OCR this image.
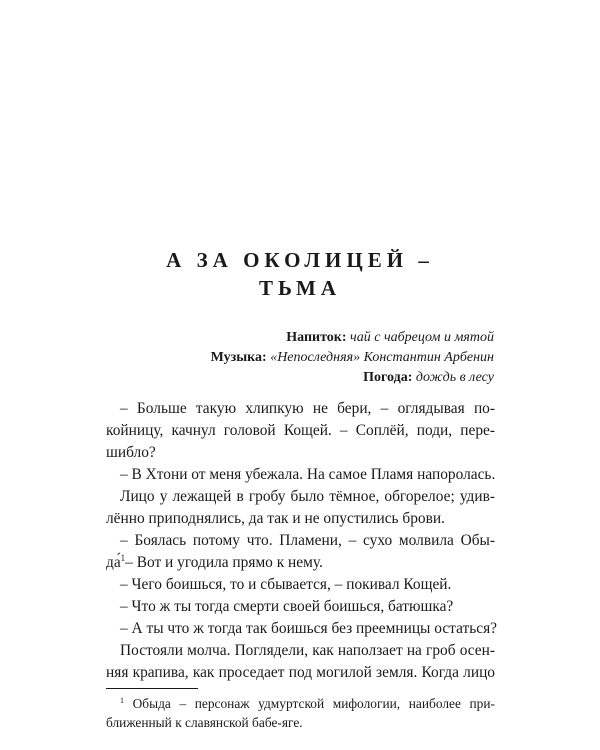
А ЗА ОКОЛИЦЕЙ –
ТЬМА
Напиток: чай с чабрецом и мятой
Музыка: «Непоследняя» Константин Арбенин
Погода: дождь в лесу
– Больше такую хлипкую не бери, – оглядывая по-
койницу, качнул головой Кощей. – Соплёй, поди, пере-
шибло?
– В Хтони от меня убежала. На самое Пламя напоролась.
Лицо у лежащей в гробу было тёмное, обгорелое; удив-
лённо приподнялись, да так и не опустились брови.
– Боялась потому что. Пламени, – сухо молвила Обы-
да́$^1$– Вот и угодила прямо к нему.
– Чего боишься, то и сбывается, – покивал Кощей.
– Что ж ты тогда смерти своей боишься, батюшка?
– А ты что ж тогда так боишься без преемницы остаться?
Постояли молча. Поглядели, как наползает на гроб осен-
няя крапива, как проседает под могилой земля. Когда лицо
$^1$ Обыда – персонаж удмуртской мифологии, наиболее при-
ближенный к славянской бабе-яге.
